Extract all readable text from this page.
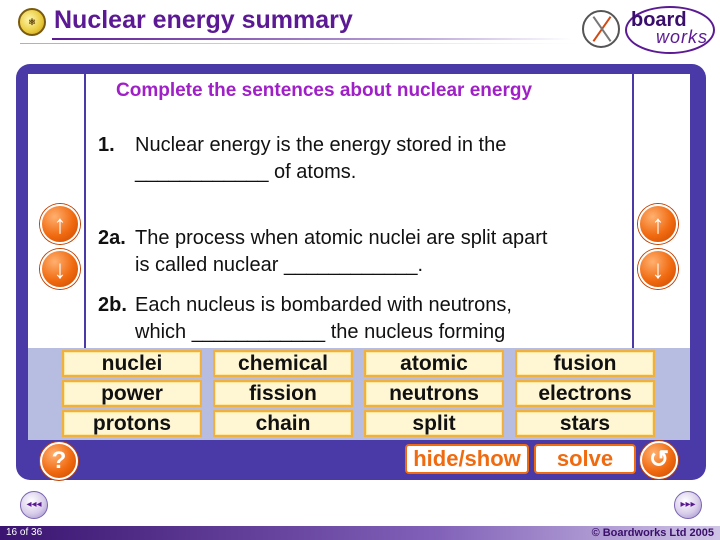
⚛ Nuclear energy summary	board
works
Complete the sentences about nuclear energy
1. Nuclear energy is the energy stored in the
____________ of atoms.
2a. The process when atomic nuclei are split apart
is called nuclear ____________.
2b. Each nucleus is bombarded with neutrons,
which ____________ the nucleus forming
↑
↓
↑
↓
nuclei	chemical	atomic	fusion
power	fission	neutrons	electrons
protons	chain	split	stars
?	hide/show	solve	↺
◂◂◂	▸▸▸
16 of 36	© Boardworks Ltd 2005
